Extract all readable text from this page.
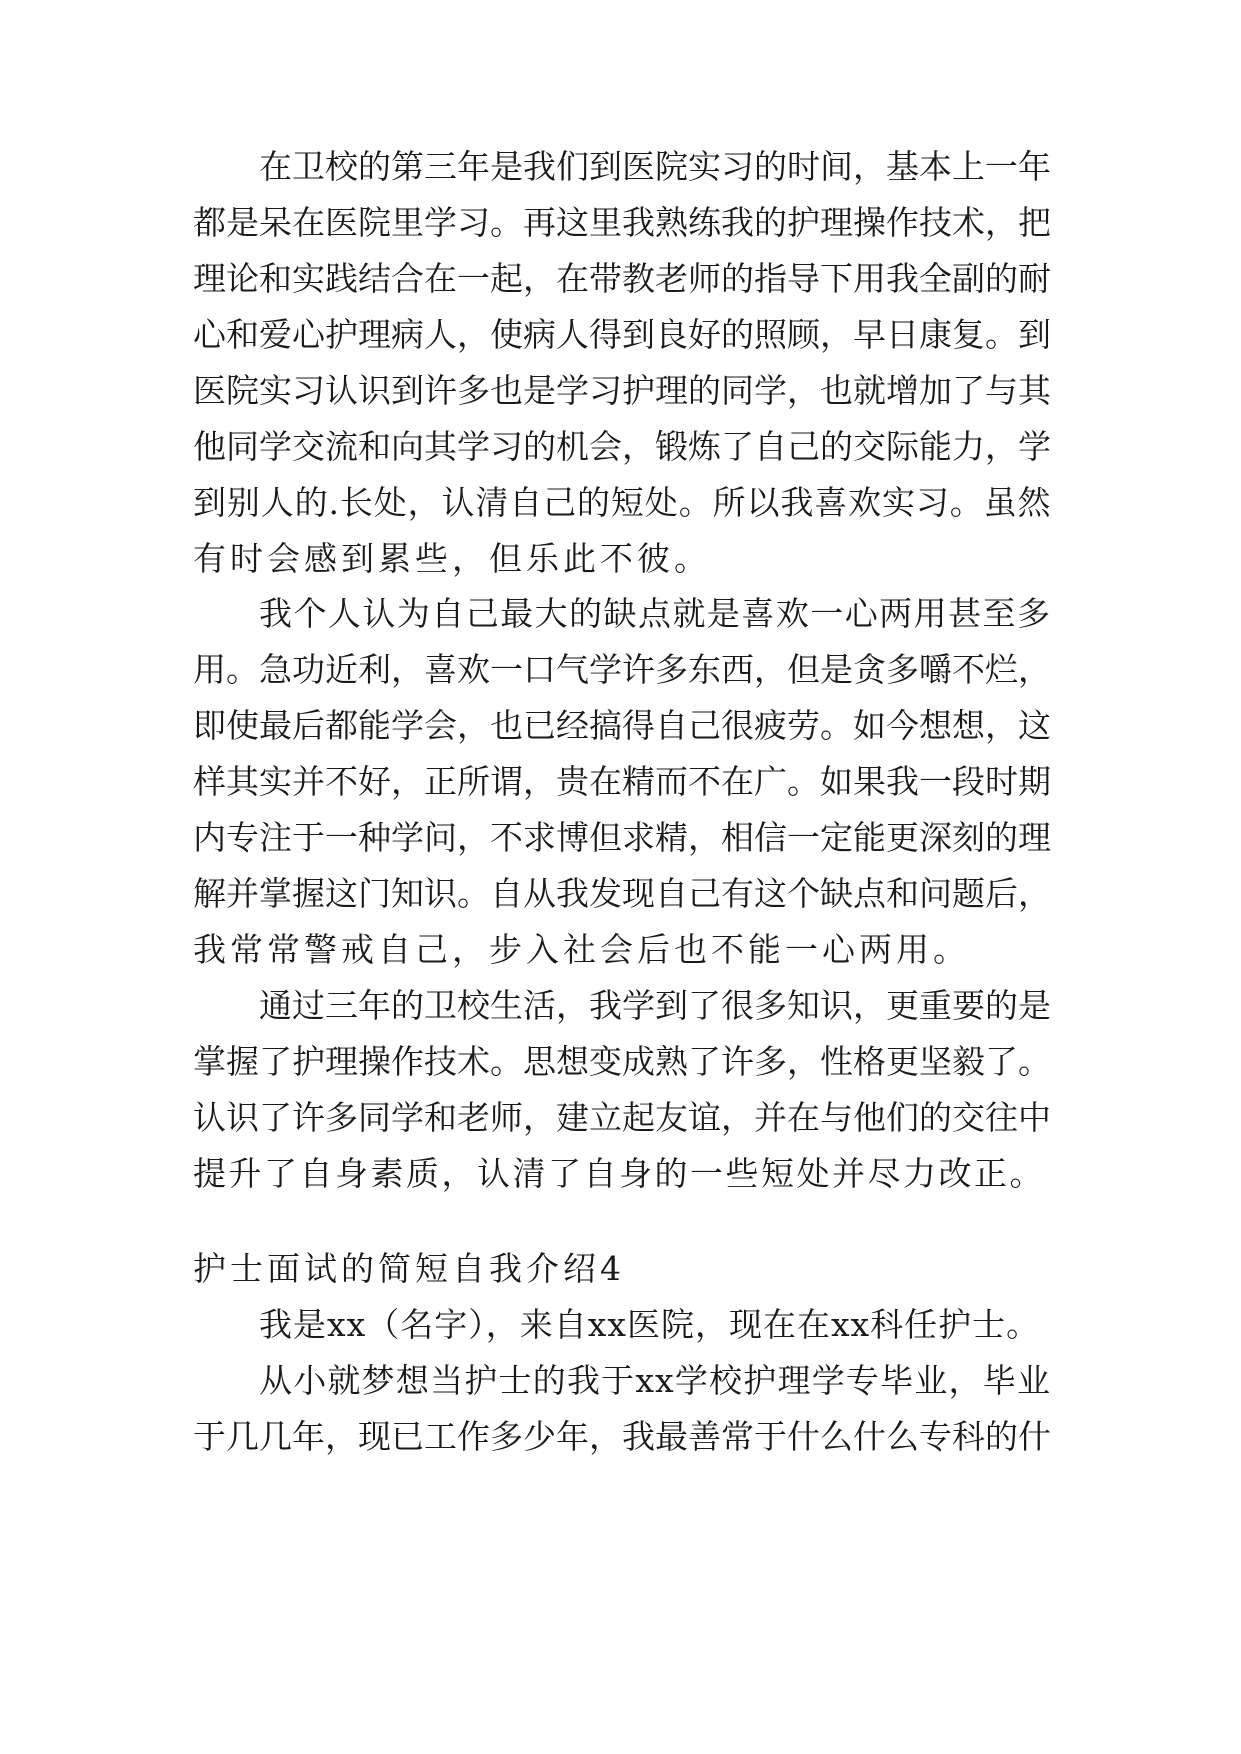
在卫校的第三年是我们到医院实习的时间，基本上一年
都是呆在医院里学习。再这里我熟练我的护理操作技术，把
理论和实践结合在一起，在带教老师的指导下用我全副的耐
心和爱心护理病人，使病人得到良好的照顾，早日康复。到
医院实习认识到许多也是学习护理的同学，也就增加了与其
他同学交流和向其学习的机会，锻炼了自己的交际能力，学
到别人的.长处，认清自己的短处。所以我喜欢实习。虽然
有时会感到累些，但乐此不彼。
我个人认为自己最大的缺点就是喜欢一心两用甚至多
用。急功近利，喜欢一口气学许多东西，但是贪多嚼不烂，
即使最后都能学会，也已经搞得自己很疲劳。如今想想，这
样其实并不好，正所谓，贵在精而不在广。如果我一段时期
内专注于一种学问，不求博但求精，相信一定能更深刻的理
解并掌握这门知识。自从我发现自己有这个缺点和问题后，
我常常警戒自己，步入社会后也不能一心两用。
通过三年的卫校生活，我学到了很多知识，更重要的是
掌握了护理操作技术。思想变成熟了许多，性格更坚毅了。
认识了许多同学和老师，建立起友谊，并在与他们的交往中
提升了自身素质，认清了自身的一些短处并尽力改正。
护士面试的简短自我介绍4
我是xx（名字），来自xx医院，现在在xx科任护士。
从小就梦想当护士的我于xx学校护理学专毕业，毕业
于几几年，现已工作多少年，我最善常于什么什么专科的什
